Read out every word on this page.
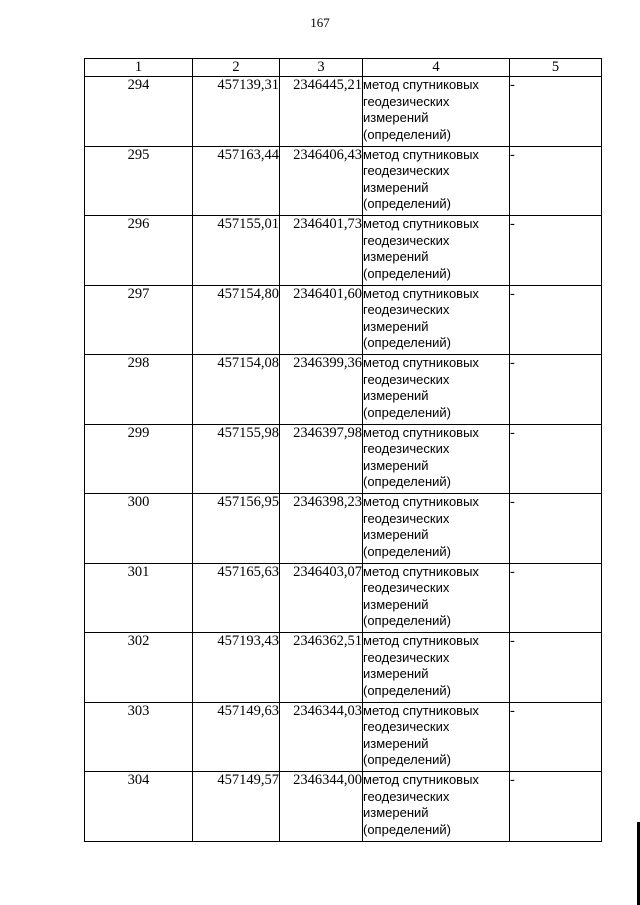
167
1	2	3	4	5
294	457139,31	2346445,21	метод спутниковых
геодезических
измерений
(определений)	-
295	457163,44	2346406,43	метод спутниковых
геодезических
измерений
(определений)	-
296	457155,01	2346401,73	метод спутниковых
геодезических
измерений
(определений)	-
297	457154,80	2346401,60	метод спутниковых
геодезических
измерений
(определений)	-
298	457154,08	2346399,36	метод спутниковых
геодезических
измерений
(определений)	-
299	457155,98	2346397,98	метод спутниковых
геодезических
измерений
(определений)	-
300	457156,95	2346398,23	метод спутниковых
геодезических
измерений
(определений)	-
301	457165,63	2346403,07	метод спутниковых
геодезических
измерений
(определений)	-
302	457193,43	2346362,51	метод спутниковых
геодезических
измерений
(определений)	-
303	457149,63	2346344,03	метод спутниковых
геодезических
измерений
(определений)	-
304	457149,57	2346344,00	метод спутниковых
геодезических
измерений
(определений)	-
